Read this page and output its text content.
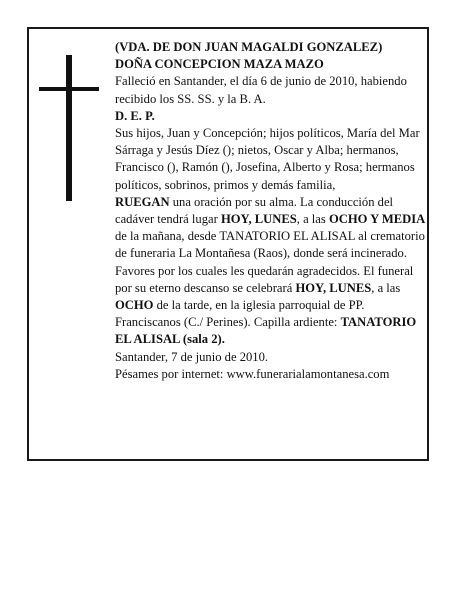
(VDA. DE DON JUAN MAGALDI GONZALEZ)

DOÑA CONCEPCION MAZA MAZO

Falleció en Santander, el día 6 de junio de 2010, habiendo recibido los SS. SS. y la B. A.

D. E. P.

Sus hijos, Juan y Concepción; hijos políticos, María del Mar Sárraga y Jesús Díez (); nietos, Oscar y Alba; hermanos, Francisco (), Ramón (), Josefina, Alberto y Rosa; hermanos políticos, sobrinos, primos y demás familia,

RUEGAN una oración por su alma. La conducción del cadáver tendrá lugar HOY, LUNES, a las OCHO Y MEDIA de la mañana, desde TANATORIO EL ALISAL al crematorio de funeraria La Montañesa (Raos), donde será incinerado. Favores por los cuales les quedarán agradecidos. El funeral por su eterno descanso se celebrará HOY, LUNES, a las OCHO de la tarde, en la iglesia parroquial de PP. Franciscanos (C./ Perines). Capilla ardiente: TANATORIO EL ALISAL (sala 2).

Santander, 7 de junio de 2010.

Pésames por internet: www.funerarialamontanesa.com
